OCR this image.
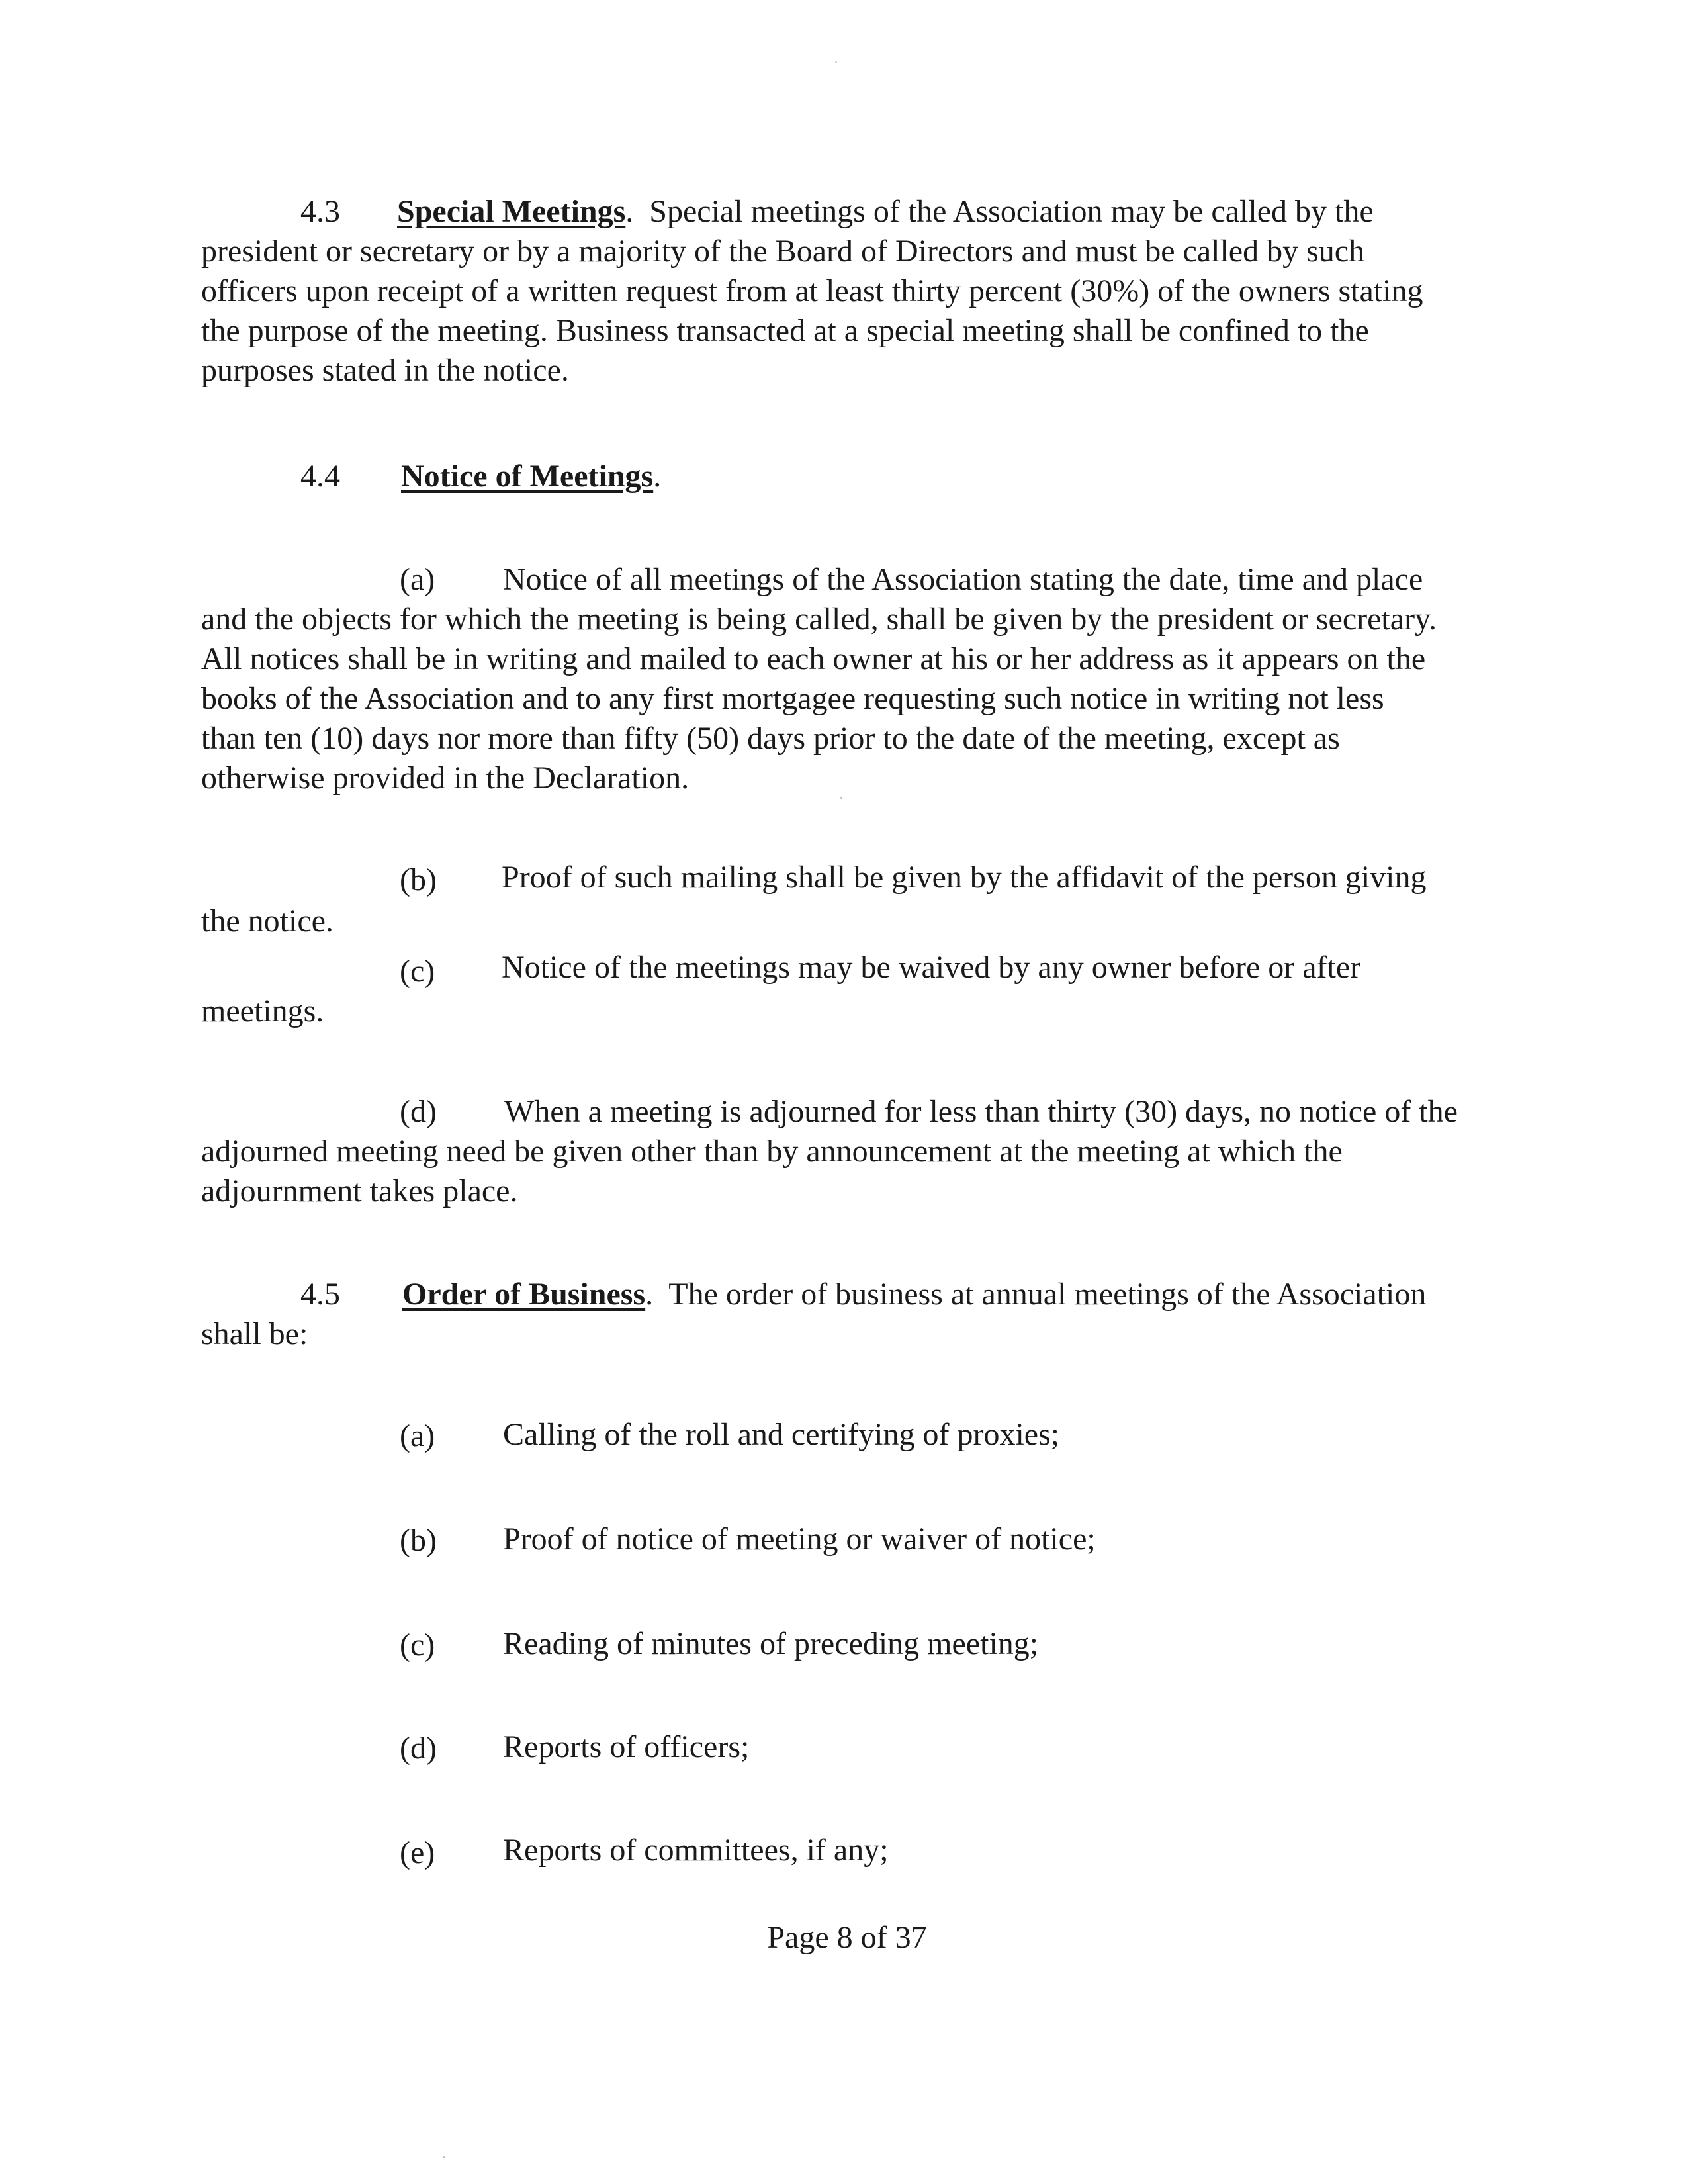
4.3 Special Meetings. Special meetings of the Association may be called by the
president or secretary or by a majority of the Board of Directors and must be called by such
officers upon receipt of a written request from at least thirty percent (30%) of the owners stating
the purpose of the meeting. Business transacted at a special meeting shall be confined to the
purposes stated in the notice.
4.4 Notice of Meetings.
(a) Notice of all meetings of the Association stating the date, time and place
and the objects for which the meeting is being called, shall be given by the president or secretary.
All notices shall be in writing and mailed to each owner at his or her address as it appears on the
books of the Association and to any first mortgagee requesting such notice in writing not less
than ten (10) days nor more than fifty (50) days prior to the date of the meeting, except as
otherwise provided in the Declaration.
(b) Proof of such mailing shall be given by the affidavit of the person giving
the notice.
(c) Notice of the meetings may be waived by any owner before or after
meetings.
(d) When a meeting is adjourned for less than thirty (30) days, no notice of the
adjourned meeting need be given other than by announcement at the meeting at which the
adjournment takes place.
4.5 Order of Business. The order of business at annual meetings of the Association
shall be:
(a) Calling of the roll and certifying of proxies;
(b) Proof of notice of meeting or waiver of notice;
(c) Reading of minutes of preceding meeting;
(d) Reports of officers;
(e) Reports of committees, if any;
Page 8 of 37
